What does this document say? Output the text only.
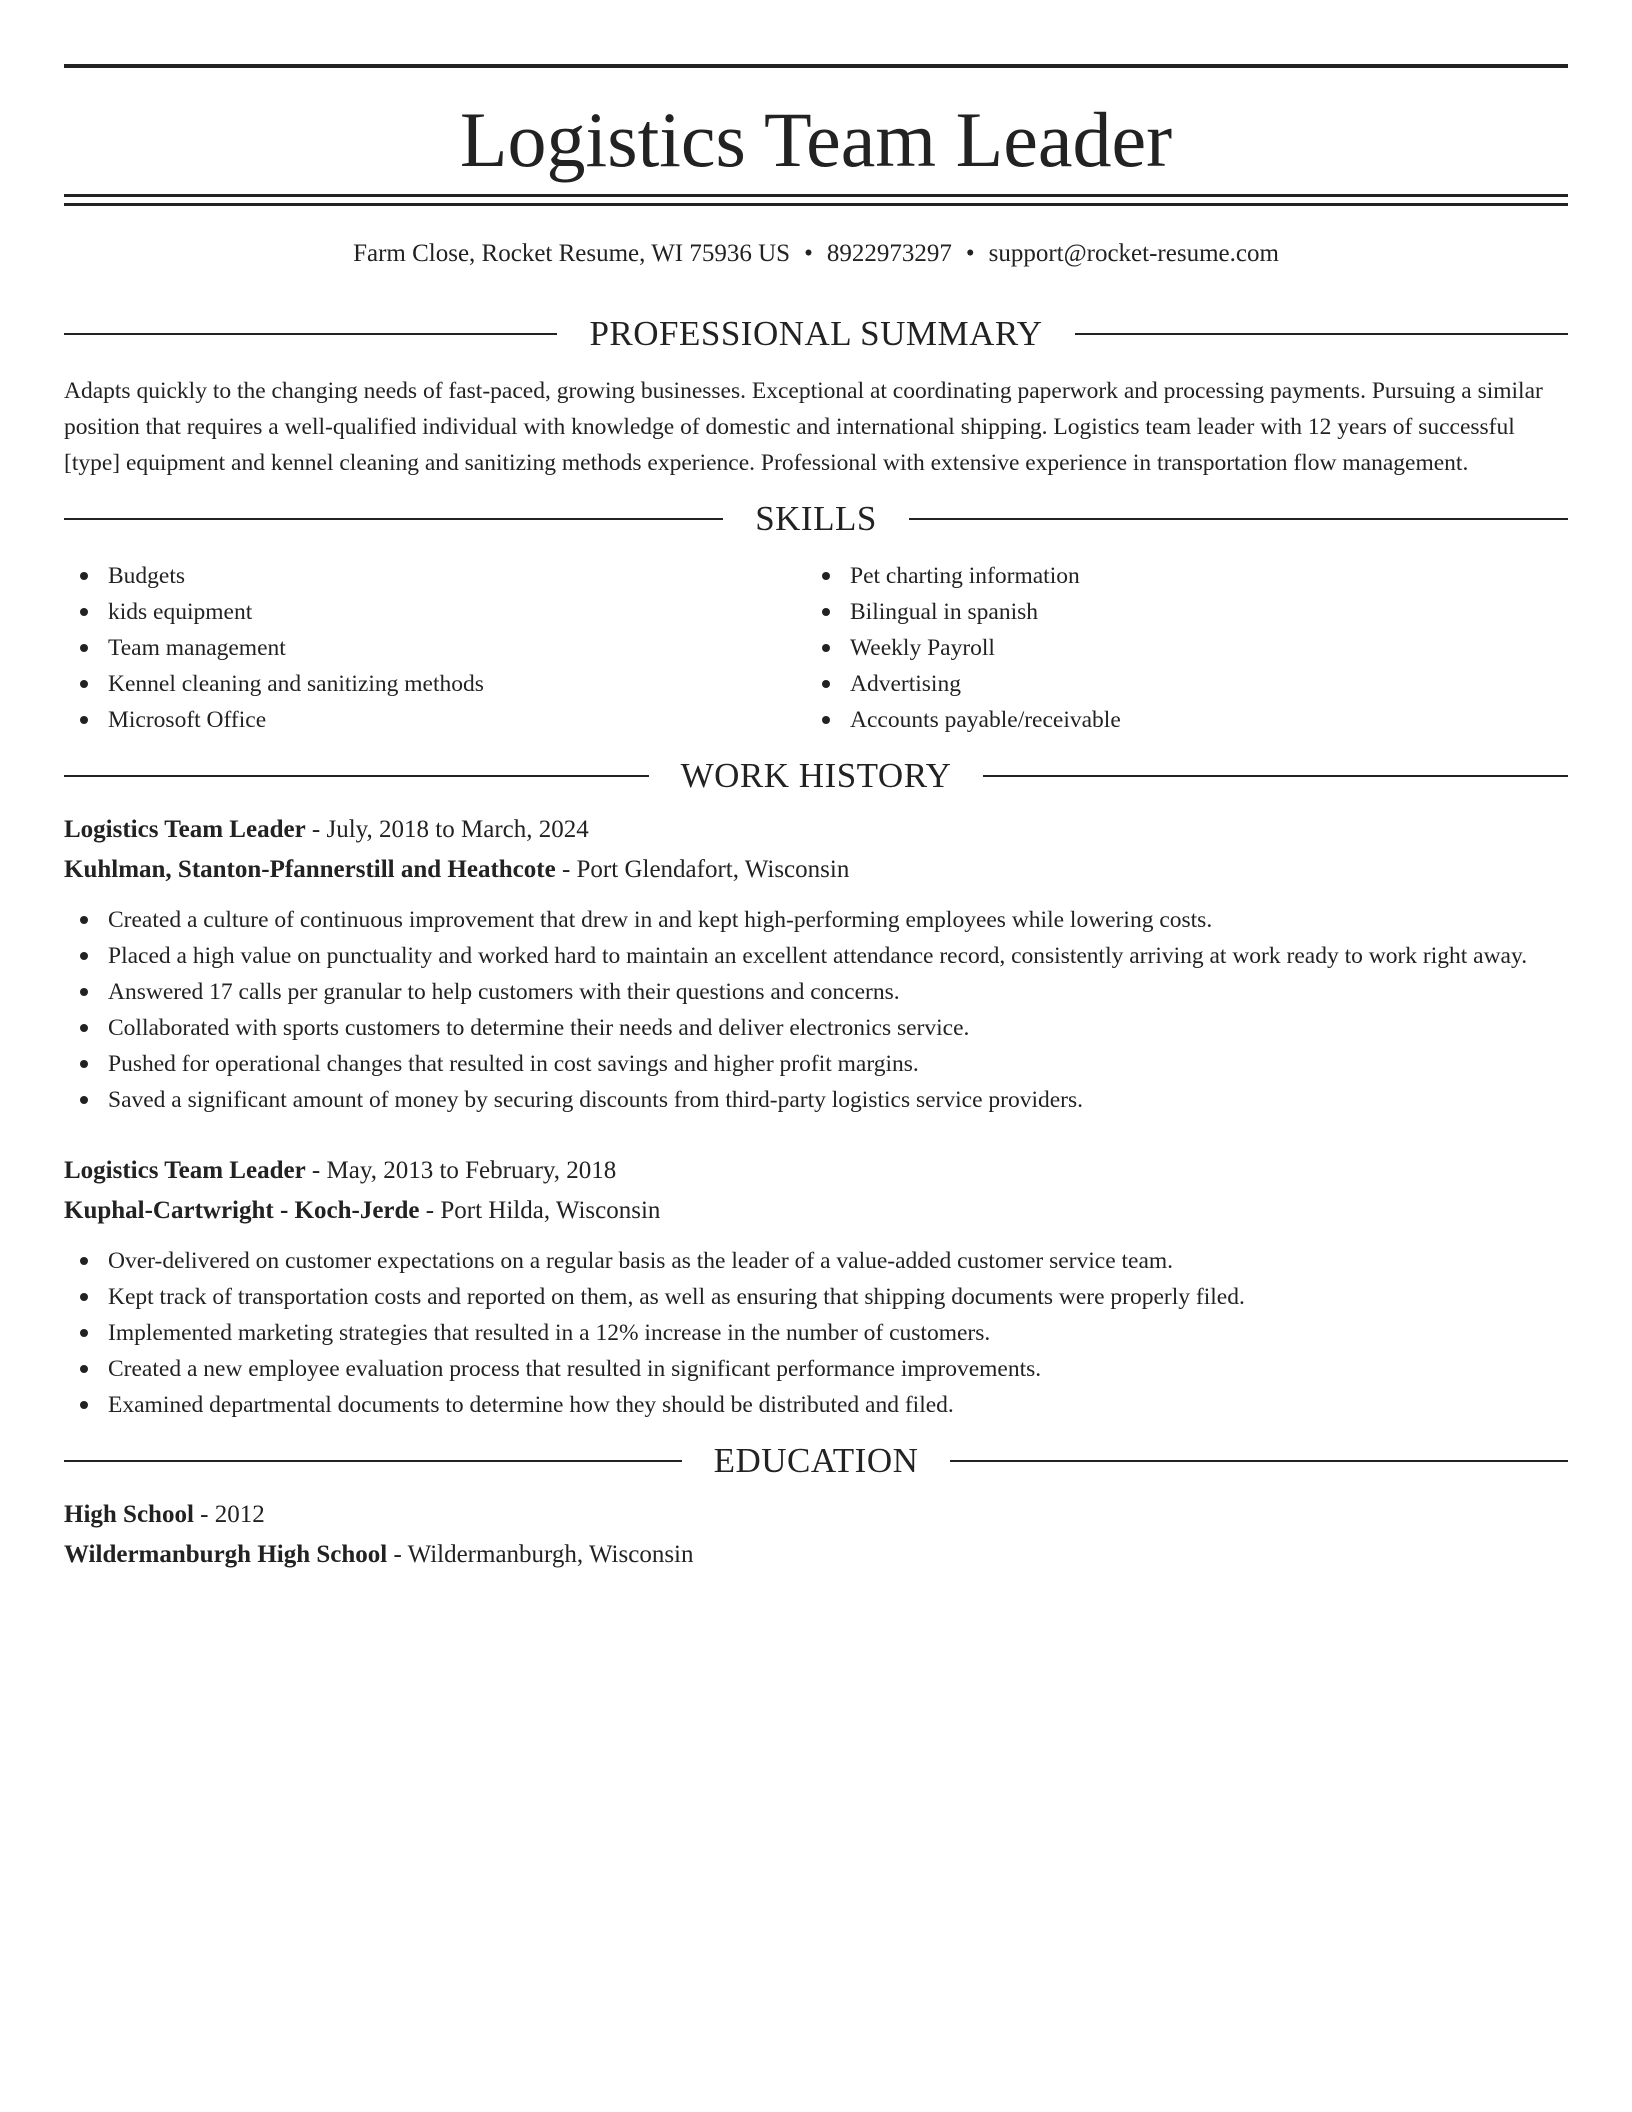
Logistics Team Leader
Farm Close, Rocket Resume, WI 75936 US • 8922973297 • support@rocket-resume.com
PROFESSIONAL SUMMARY

Adapts quickly to the changing needs of fast-paced, growing businesses. Exceptional at coordinating paperwork and processing payments. Pursuing a similar position that requires a well-qualified individual with knowledge of domestic and international shipping. Logistics team leader with 12 years of successful [type] equipment and kennel cleaning and sanitizing methods experience. Professional with extensive experience in transportation flow management.

SKILLS
Budgets
kids equipment
Team management
Kennel cleaning and sanitizing methods
Microsoft Office
Pet charting information
Bilingual in spanish
Weekly Payroll
Advertising
Accounts payable/receivable
WORK HISTORY
Logistics Team Leader - July, 2018 to March, 2024
Kuhlman, Stanton-Pfannerstill and Heathcote - Port Glendafort, Wisconsin
Created a culture of continuous improvement that drew in and kept high-performing employees while lowering costs.
Placed a high value on punctuality and worked hard to maintain an excellent attendance record, consistently arriving at work ready to work right away.
Answered 17 calls per granular to help customers with their questions and concerns.
Collaborated with sports customers to determine their needs and deliver electronics service.
Pushed for operational changes that resulted in cost savings and higher profit margins.
Saved a significant amount of money by securing discounts from third-party logistics service providers.
Logistics Team Leader - May, 2013 to February, 2018
Kuphal-Cartwright - Koch-Jerde - Port Hilda, Wisconsin
Over-delivered on customer expectations on a regular basis as the leader of a value-added customer service team.
Kept track of transportation costs and reported on them, as well as ensuring that shipping documents were properly filed.
Implemented marketing strategies that resulted in a 12% increase in the number of customers.
Created a new employee evaluation process that resulted in significant performance improvements.
Examined departmental documents to determine how they should be distributed and filed.
EDUCATION
High School - 2012
Wildermanburgh High School - Wildermanburgh, Wisconsin
